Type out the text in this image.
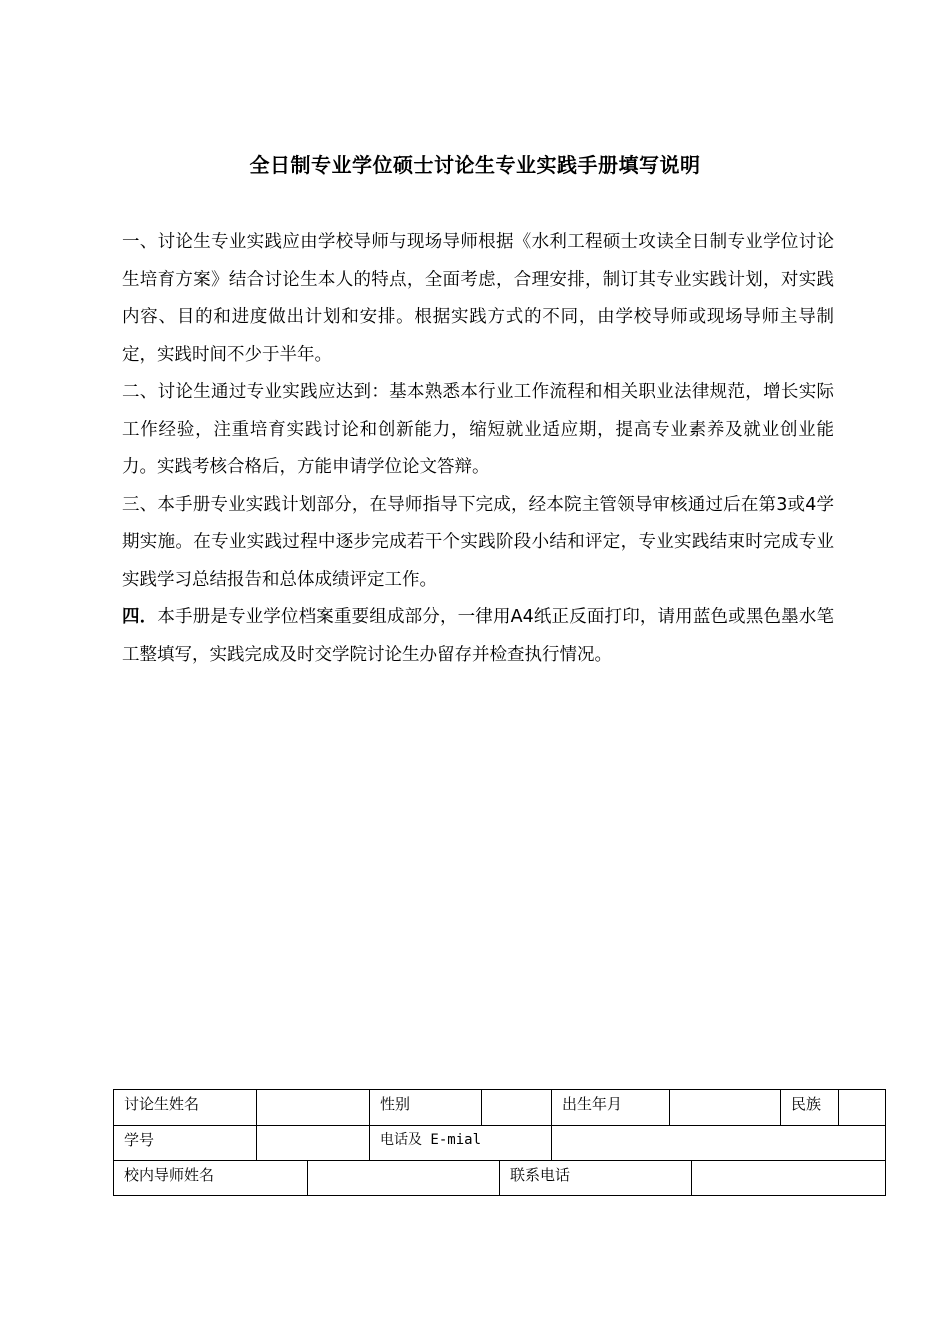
全日制专业学位硕士讨论生专业实践手册填写说明

一、讨论生专业实践应由学校导师与现场导师根据《水利工程硕士攻读全日制专业学位讨论生培育方案》结合讨论生本人的特点，全面考虑，合理安排，制订其专业实践计划，对实践内容、目的和进度做出计划和安排。根据实践方式的不同，由学校导师或现场导师主导制定，实践时间不少于半年。

二、讨论生通过专业实践应达到：基本熟悉本行业工作流程和相关职业法律规范，增长实际工作经验，注重培育实践讨论和创新能力，缩短就业适应期，提高专业素养及就业创业能力。实践考核合格后，方能申请学位论文答辩。

三、本手册专业实践计划部分，在导师指导下完成，经本院主管领导审核通过后在第3或4学期实施。在专业实践过程中逐步完成若干个实践阶段小结和评定，专业实践结束时完成专业实践学习总结报告和总体成绩评定工作。

四．本手册是专业学位档案重要组成部分，一律用A4纸正反面打印，请用蓝色或黑色墨水笔工整填写，实践完成及时交学院讨论生办留存并检查执行情况。

讨论生姓名	性别	出生年月	民族
学号	电话及 E-mial
校内导师姓名	联系电话
